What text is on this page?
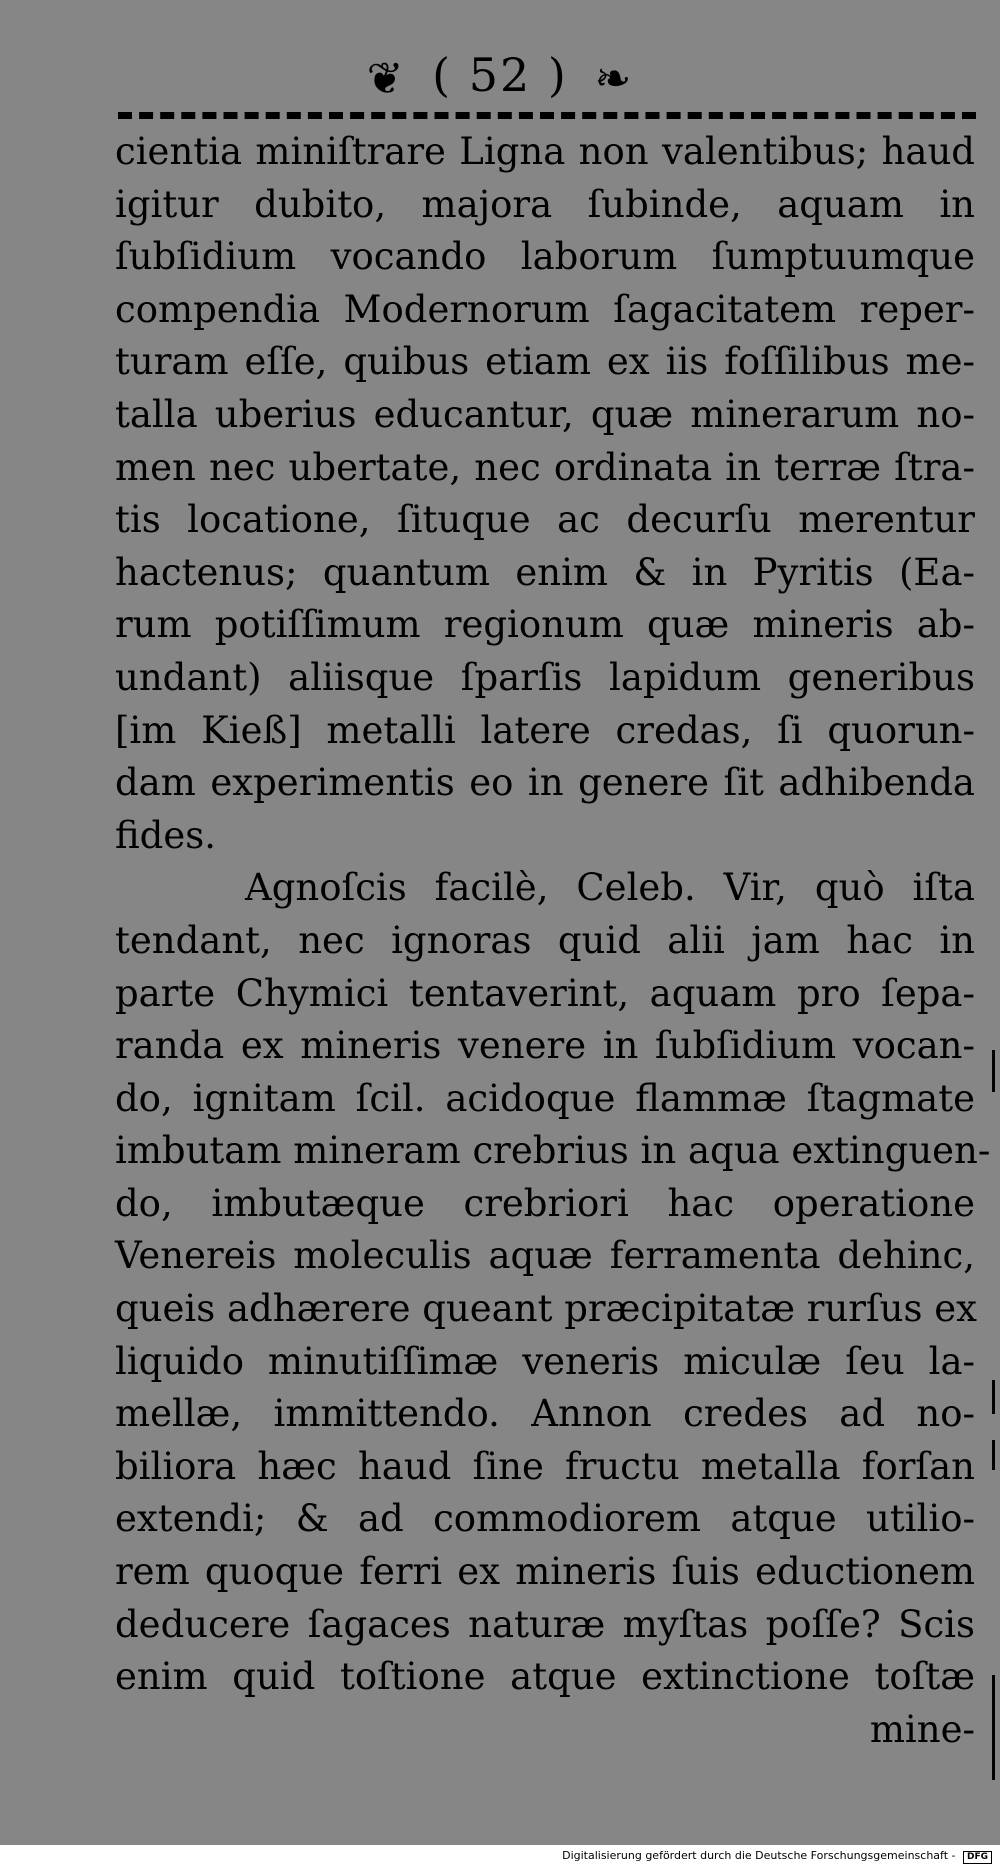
❦ ( 52 ) ❧
cientia miniſtrare Ligna non valentibus; haud
igitur dubito, majora ſubinde, aquam in
ſubſidium vocando laborum ſumptuumque
compendia Modernorum ſagacitatem reper-
turam eſſe, quibus etiam ex iis foſſilibus me-
talla uberius educantur, quæ minerarum no-
men nec ubertate, nec ordinata in terræ ſtra-
tis locatione, ſituque ac decurſu merentur
hactenus; quantum enim & in Pyritis (Ea-
rum potiſſimum regionum quæ mineris ab-
undant) aliisque ſparſis lapidum generibus
[im Kieß] metalli latere credas, ſi quorun-
dam experimentis eo in genere ſit adhibenda
fides.
Agnoſcis facilè, Celeb. Vir, quò iſta
tendant, nec ignoras quid alii jam hac in
parte Chymici tentaverint, aquam pro ſepa-
randa ex mineris venere in ſubſidium vocan-
do, ignitam ſcil. acidoque flammæ ſtagmate
imbutam mineram crebrius in aqua extinguen-
do, imbutæque crebriori hac operatione
Venereis moleculis aquæ ferramenta dehinc,
queis adhærere queant præcipitatæ rurſus ex
liquido minutiſſimæ veneris miculæ ſeu la-
mellæ, immittendo. Annon credes ad no-
biliora hæc haud ſine fructu metalla forſan
extendi; & ad commodiorem atque utilio-
rem quoque ferri ex mineris ſuis eductionem
deducere ſagaces naturæ myſtas poſſe? Scis
enim quid toſtione atque extinctione toſtæ
mine-
Digitalisierung gefördert durch die Deutsche Forschungsgemeinschaft - DFG
